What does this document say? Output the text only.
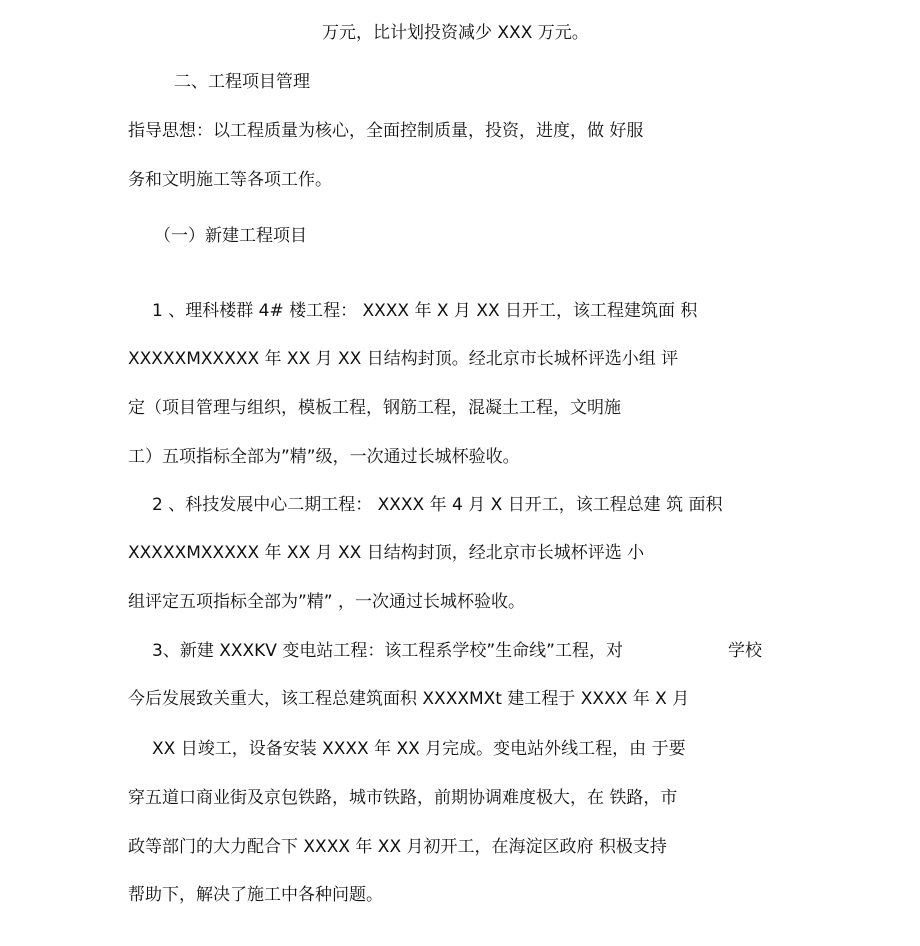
万元，比计划投资减少 XXX 万元。
二、工程项目管理
指导思想：以工程质量为核心，全面控制质量，投资，进度，做 好服
务和文明施工等各项工作。
（一）新建工程项目
1 、理科楼群 4# 楼工程： XXXX 年 X 月 XX 日开工，该工程建筑面 积
XXXXXMXXXXX 年 XX 月 XX 日结构封顶。经北京市长城杯评选小组 评
定（项目管理与组织，模板工程，钢筋工程，混凝土工程，文明施
工）五项指标全部为”精”级，一次通过长城杯验收。
2 、科技发展中心二期工程： XXXX 年 4 月 X 日开工，该工程总建 筑 面积
XXXXXMXXXXX 年 XX 月 XX 日结构封顶，经北京市长城杯评选 小
组评定五项指标全部为”精” ，一次通过长城杯验收。
3、新建 XXXKV 变电站工程：该工程系学校”生命线”工程，对	学校
今后发展致关重大，该工程总建筑面积 XXXXMXt 建工程于 XXXX 年 X 月
XX 日竣工，设备安装 XXXX 年 XX 月完成。变电站外线工程，由 于要
穿五道口商业街及京包铁路，城市铁路，前期协调难度极大，在 铁路，市
政等部门的大力配合下 XXXX 年 XX 月初开工，在海淀区政府 积极支持
帮助下，解决了施工中各种问题。
